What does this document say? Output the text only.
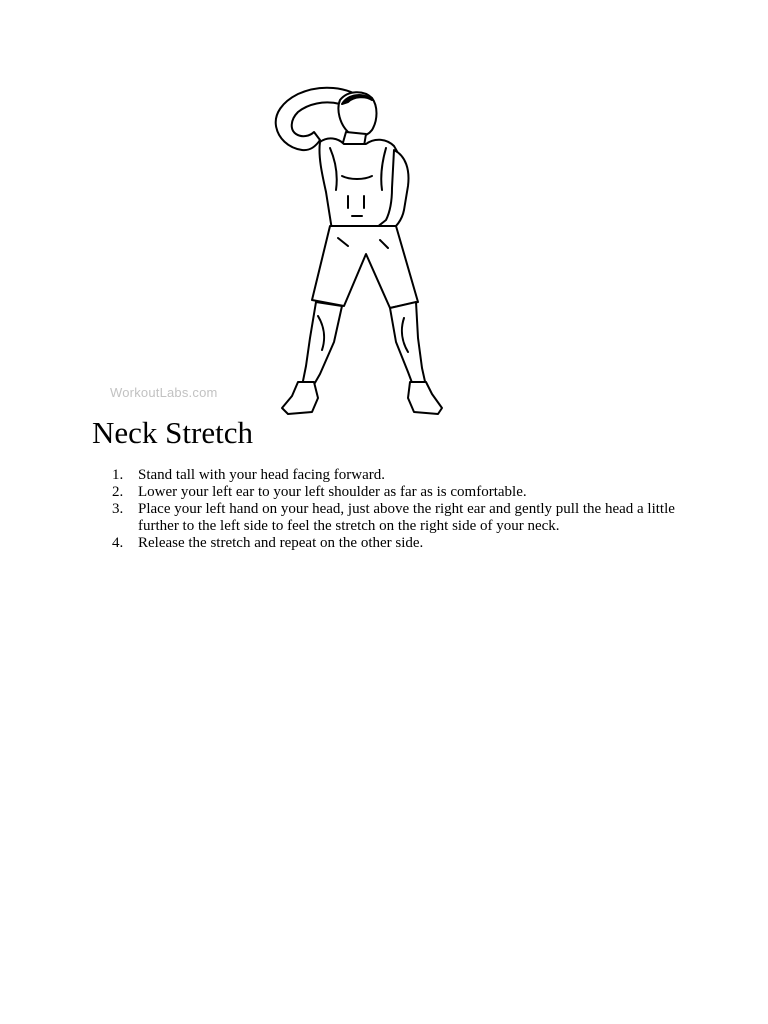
WorkoutLabs.com
Neck Stretch
1. Stand tall with your head facing forward.
2. Lower your left ear to your left shoulder as far as is comfortable.
3. Place your left hand on your head, just above the right ear and gently pull the head a little further to the left side to feel the stretch on the right side of your neck.
4. Release the stretch and repeat on the other side.
